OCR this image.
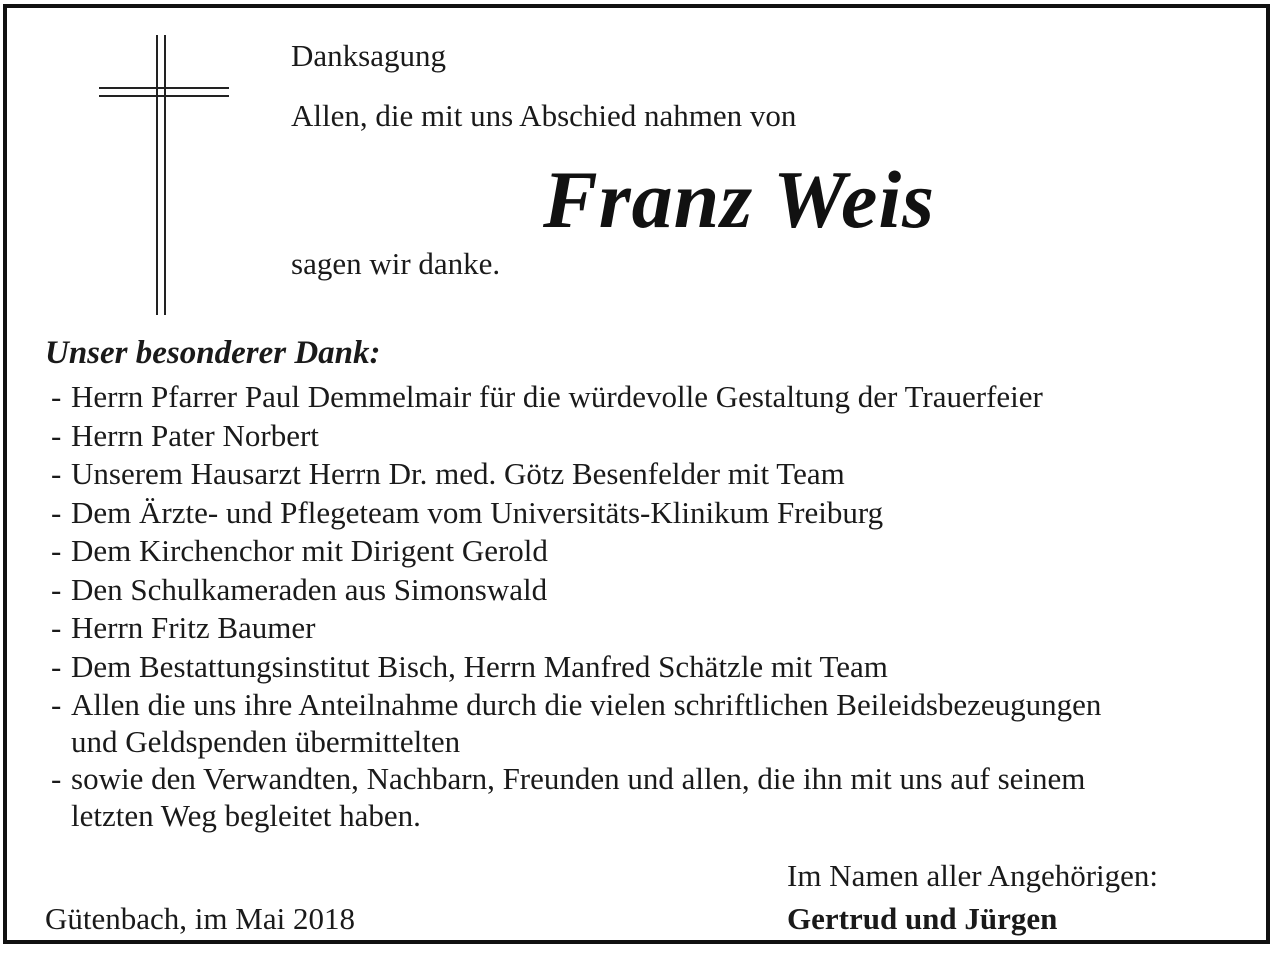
Danksagung
Allen, die mit uns Abschied nahmen von
Franz Weis
sagen wir danke.
Unser besonderer Dank:
- Herrn Pfarrer Paul Demmelmair für die würdevolle Gestaltung der Trauerfeier
- Herrn Pater Norbert
- Unserem Hausarzt Herrn Dr. med. Götz Besenfelder mit Team
- Dem Ärzte- und Pflegeteam vom Universitäts-Klinikum Freiburg
- Dem Kirchenchor mit Dirigent Gerold
- Den Schulkameraden aus Simonswald
- Herrn Fritz Baumer
- Dem Bestattungsinstitut Bisch, Herrn Manfred Schätzle mit Team
- Allen die uns ihre Anteilnahme durch die vielen schriftlichen Beileidsbezeugungen
und Geldspenden übermittelten
- sowie den Verwandten, Nachbarn, Freunden und allen, die ihn mit uns auf seinem
letzten Weg begleitet haben.
Im Namen aller Angehörigen:
Gütenbach, im Mai 2018	Gertrud und Jürgen
